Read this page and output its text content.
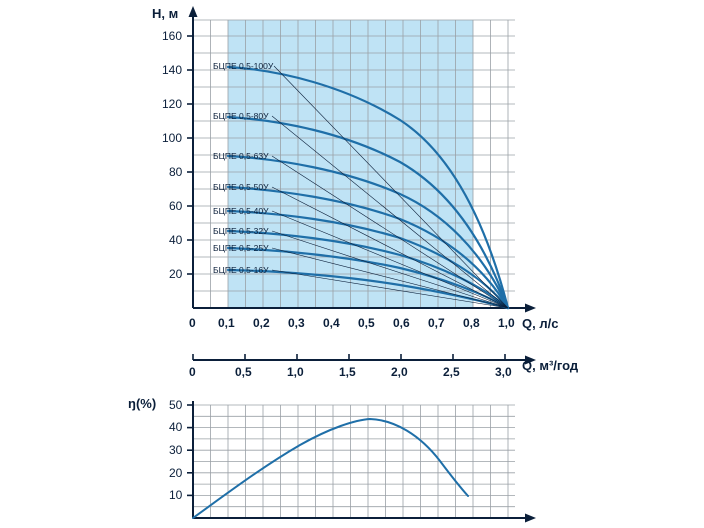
H, м
Q, л/с
160
140
120
100
80
60
40
20
0 0,1 0,2 0,3 0,4 0,5 0,6 0,7 0,8 1,0
БЦПЕ 0,5-100У
БЦПЕ 0,5-80У
БЦПЕ 0,5-63У
БЦПЕ 0,5-50У
БЦПЕ 0,5-40У
БЦПЕ 0,5-32У
БЦПЕ 0,5-25У
БЦПЕ 0,5-16У
0	0,5	1,0	1,5	2,0	2,5	3,0 Q, м³/год
ŋ(%) 50
40
30
20
10
